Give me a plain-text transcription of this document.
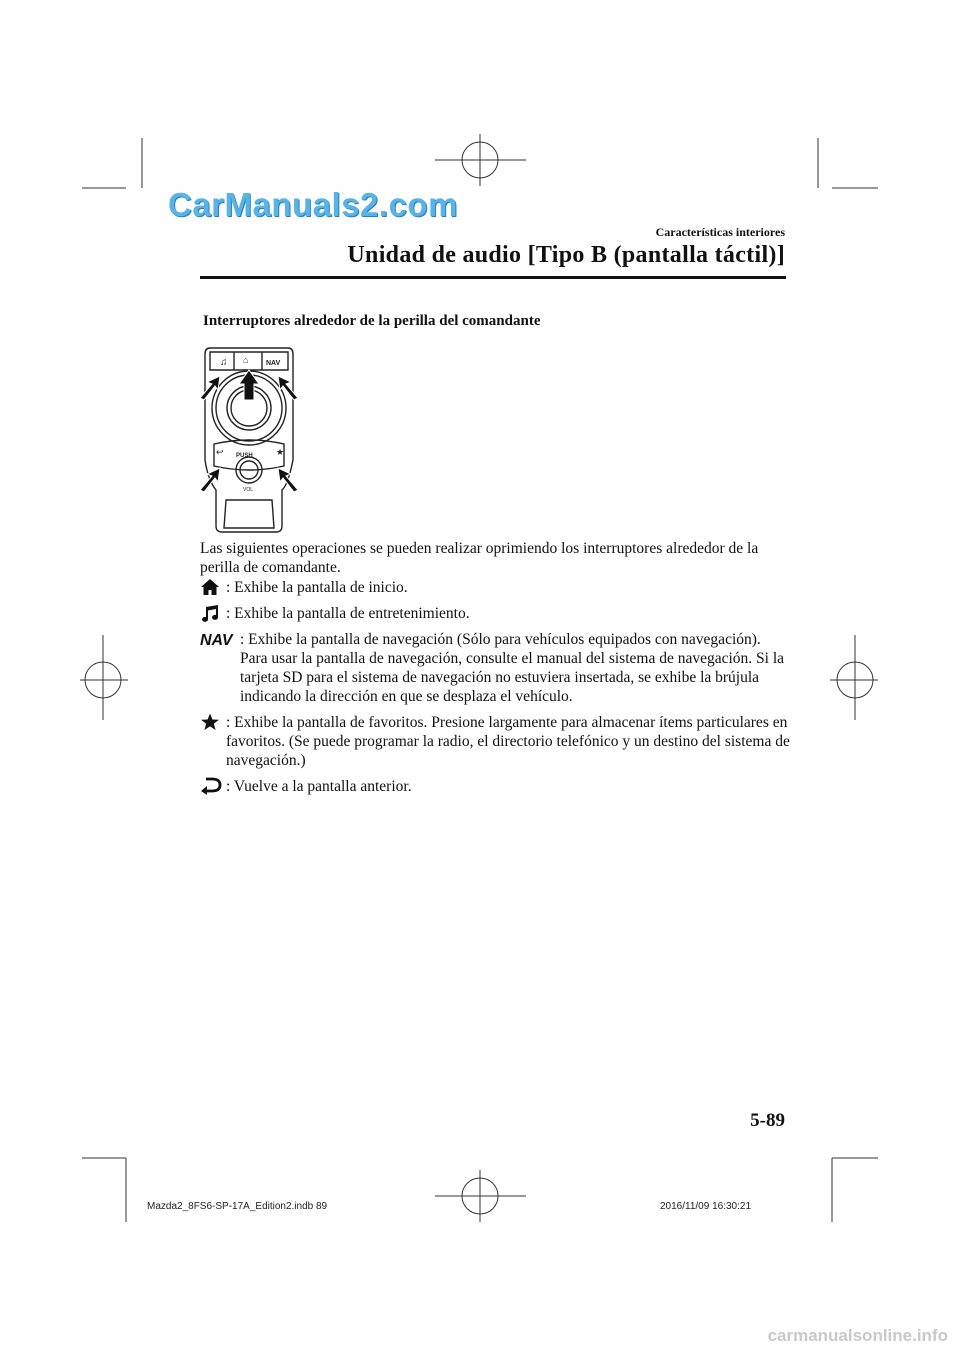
CarManuals2.com
Características interiores
Unidad de audio [Tipo B (pantalla táctil)]
Interruptores alrededor de la perilla del comandante
♫ ⌂	NAV
↩	★
PUSH
VOL
Las siguientes operaciones se pueden realizar oprimiendo los interruptores alrededor de la perilla de comandante.
: Exhibe la pantalla de inicio.
: Exhibe la pantalla de entretenimiento.
NAV : Exhibe la pantalla de navegación (Sólo para vehículos equipados con navegación). Para usar la pantalla de navegación, consulte el manual del sistema de navegación. Si la tarjeta SD para el sistema de navegación no estuviera insertada, se exhibe la brújula indicando la dirección en que se desplaza el vehículo.
: Exhibe la pantalla de favoritos. Presione largamente para almacenar ítems particulares en favoritos. (Se puede programar la radio, el directorio telefónico y un destino del sistema de navegación.)
: Vuelve a la pantalla anterior.
5-89
Mazda2_8FS6-SP-17A_Edition2.indb 89	2016/11/09 16:30:21
carmanualsonline.info
